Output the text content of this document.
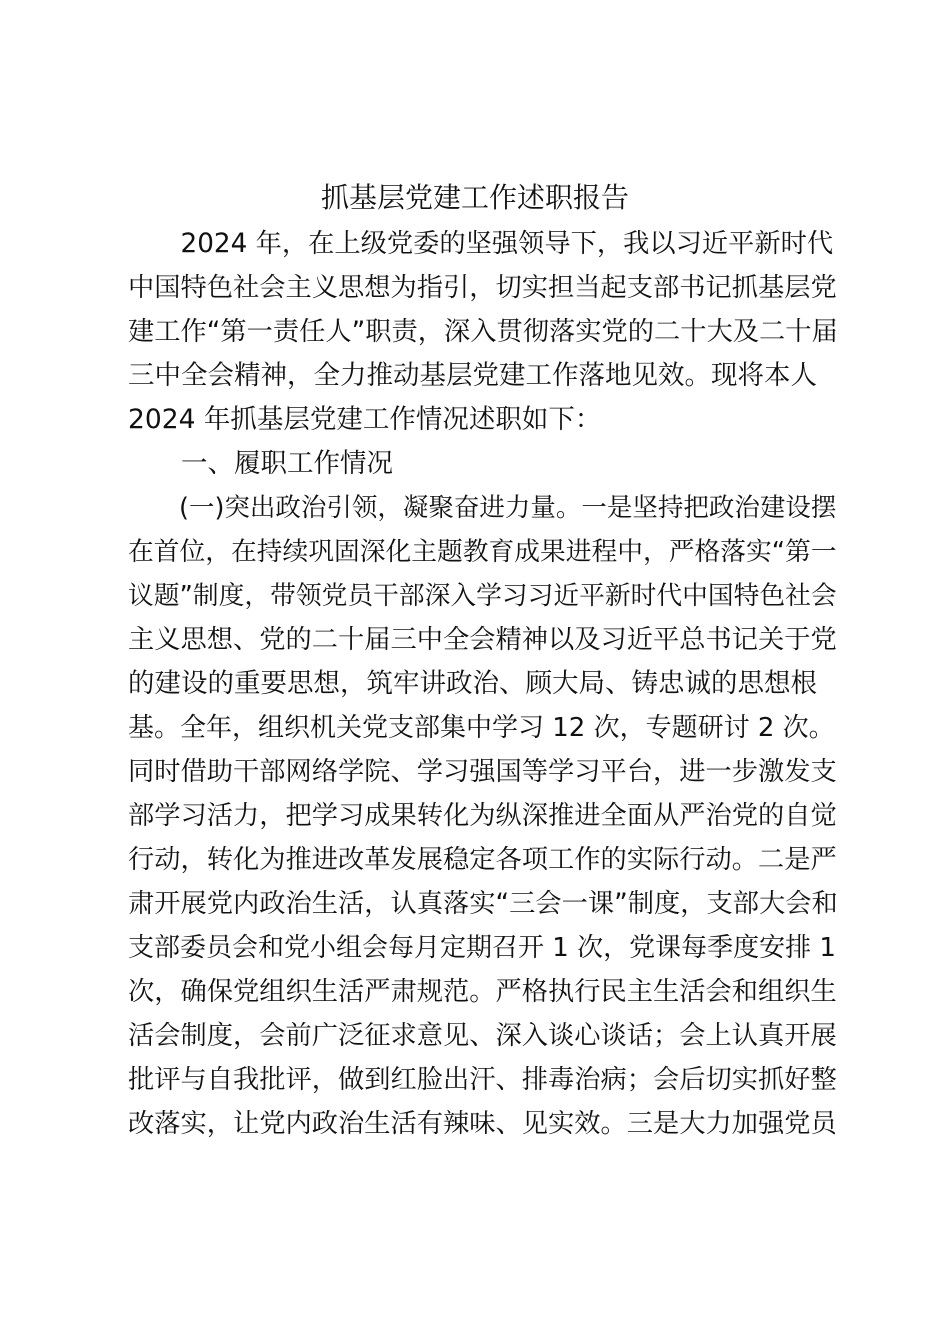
抓基层党建工作述职报告

　　2024 年，在上级党委的坚强领导下，我以习近平新时代

中国特色社会主义思想为指引，切实担当起支部书记抓基层党

建工作“第一责任人”职责，深入贯彻落实党的二十大及二十届

三中全会精神，全力推动基层党建工作落地见效。现将本人

2024 年抓基层党建工作情况述职如下：

　　一、履职工作情况

　　(一)突出政治引领，凝聚奋进力量。一是坚持把政治建设摆

在首位，在持续巩固深化主题教育成果进程中，严格落实“第一

议题”制度，带领党员干部深入学习习近平新时代中国特色社会

主义思想、党的二十届三中全会精神以及习近平总书记关于党

的建设的重要思想，筑牢讲政治、顾大局、铸忠诚的思想根

基。全年，组织机关党支部集中学习 12 次，专题研讨 2 次。

同时借助干部网络学院、学习强国等学习平台，进一步激发支

部学习活力，把学习成果转化为纵深推进全面从严治党的自觉

行动，转化为推进改革发展稳定各项工作的实际行动。二是严

肃开展党内政治生活，认真落实“三会一课”制度，支部大会和

支部委员会和党小组会每月定期召开 1 次，党课每季度安排 1

次，确保党组织生活严肃规范。严格执行民主生活会和组织生

活会制度，会前广泛征求意见、深入谈心谈话；会上认真开展

批评与自我批评，做到红脸出汗、排毒治病；会后切实抓好整

改落实，让党内政治生活有辣味、见实效。三是大力加强党员
